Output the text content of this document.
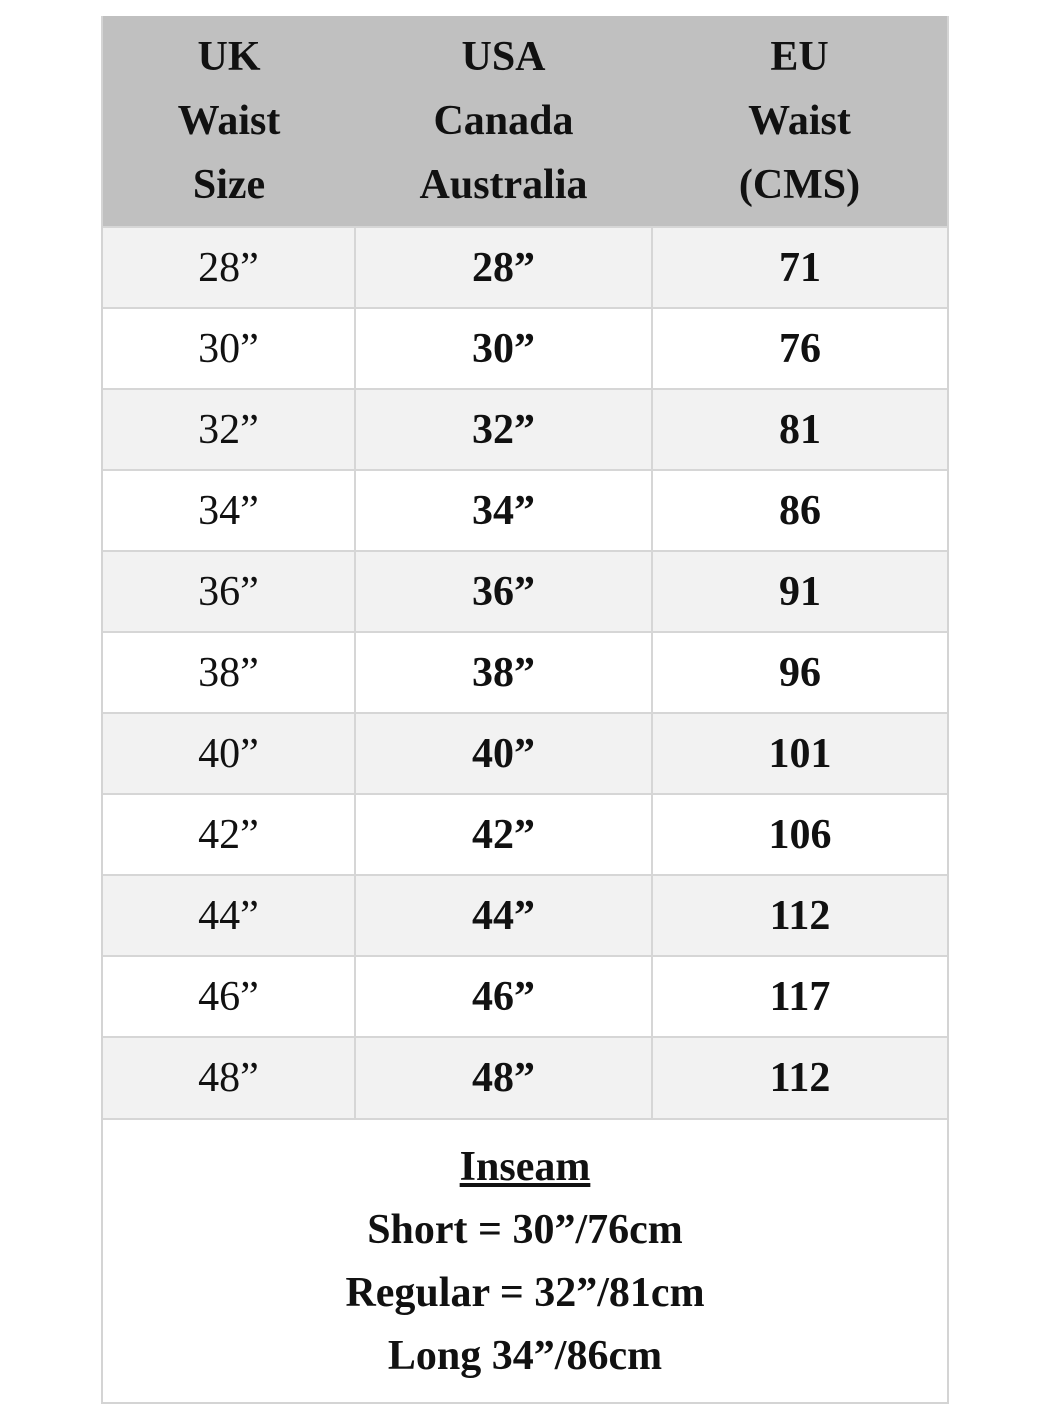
UK
Waist
Size	USA
Canada
Australia	EU
Waist
(CMS)

28”	28”	71
30”	30”	76
32”	32”	81
34”	34”	86
36”	36”	91
38”	38”	96
40”	40”	101
42”	42”	106
44”	44”	112
46”	46”	117
48”	48”	112
Inseam
Short = 30”/76cm
Regular = 32”/81cm
Long 34”/86cm
